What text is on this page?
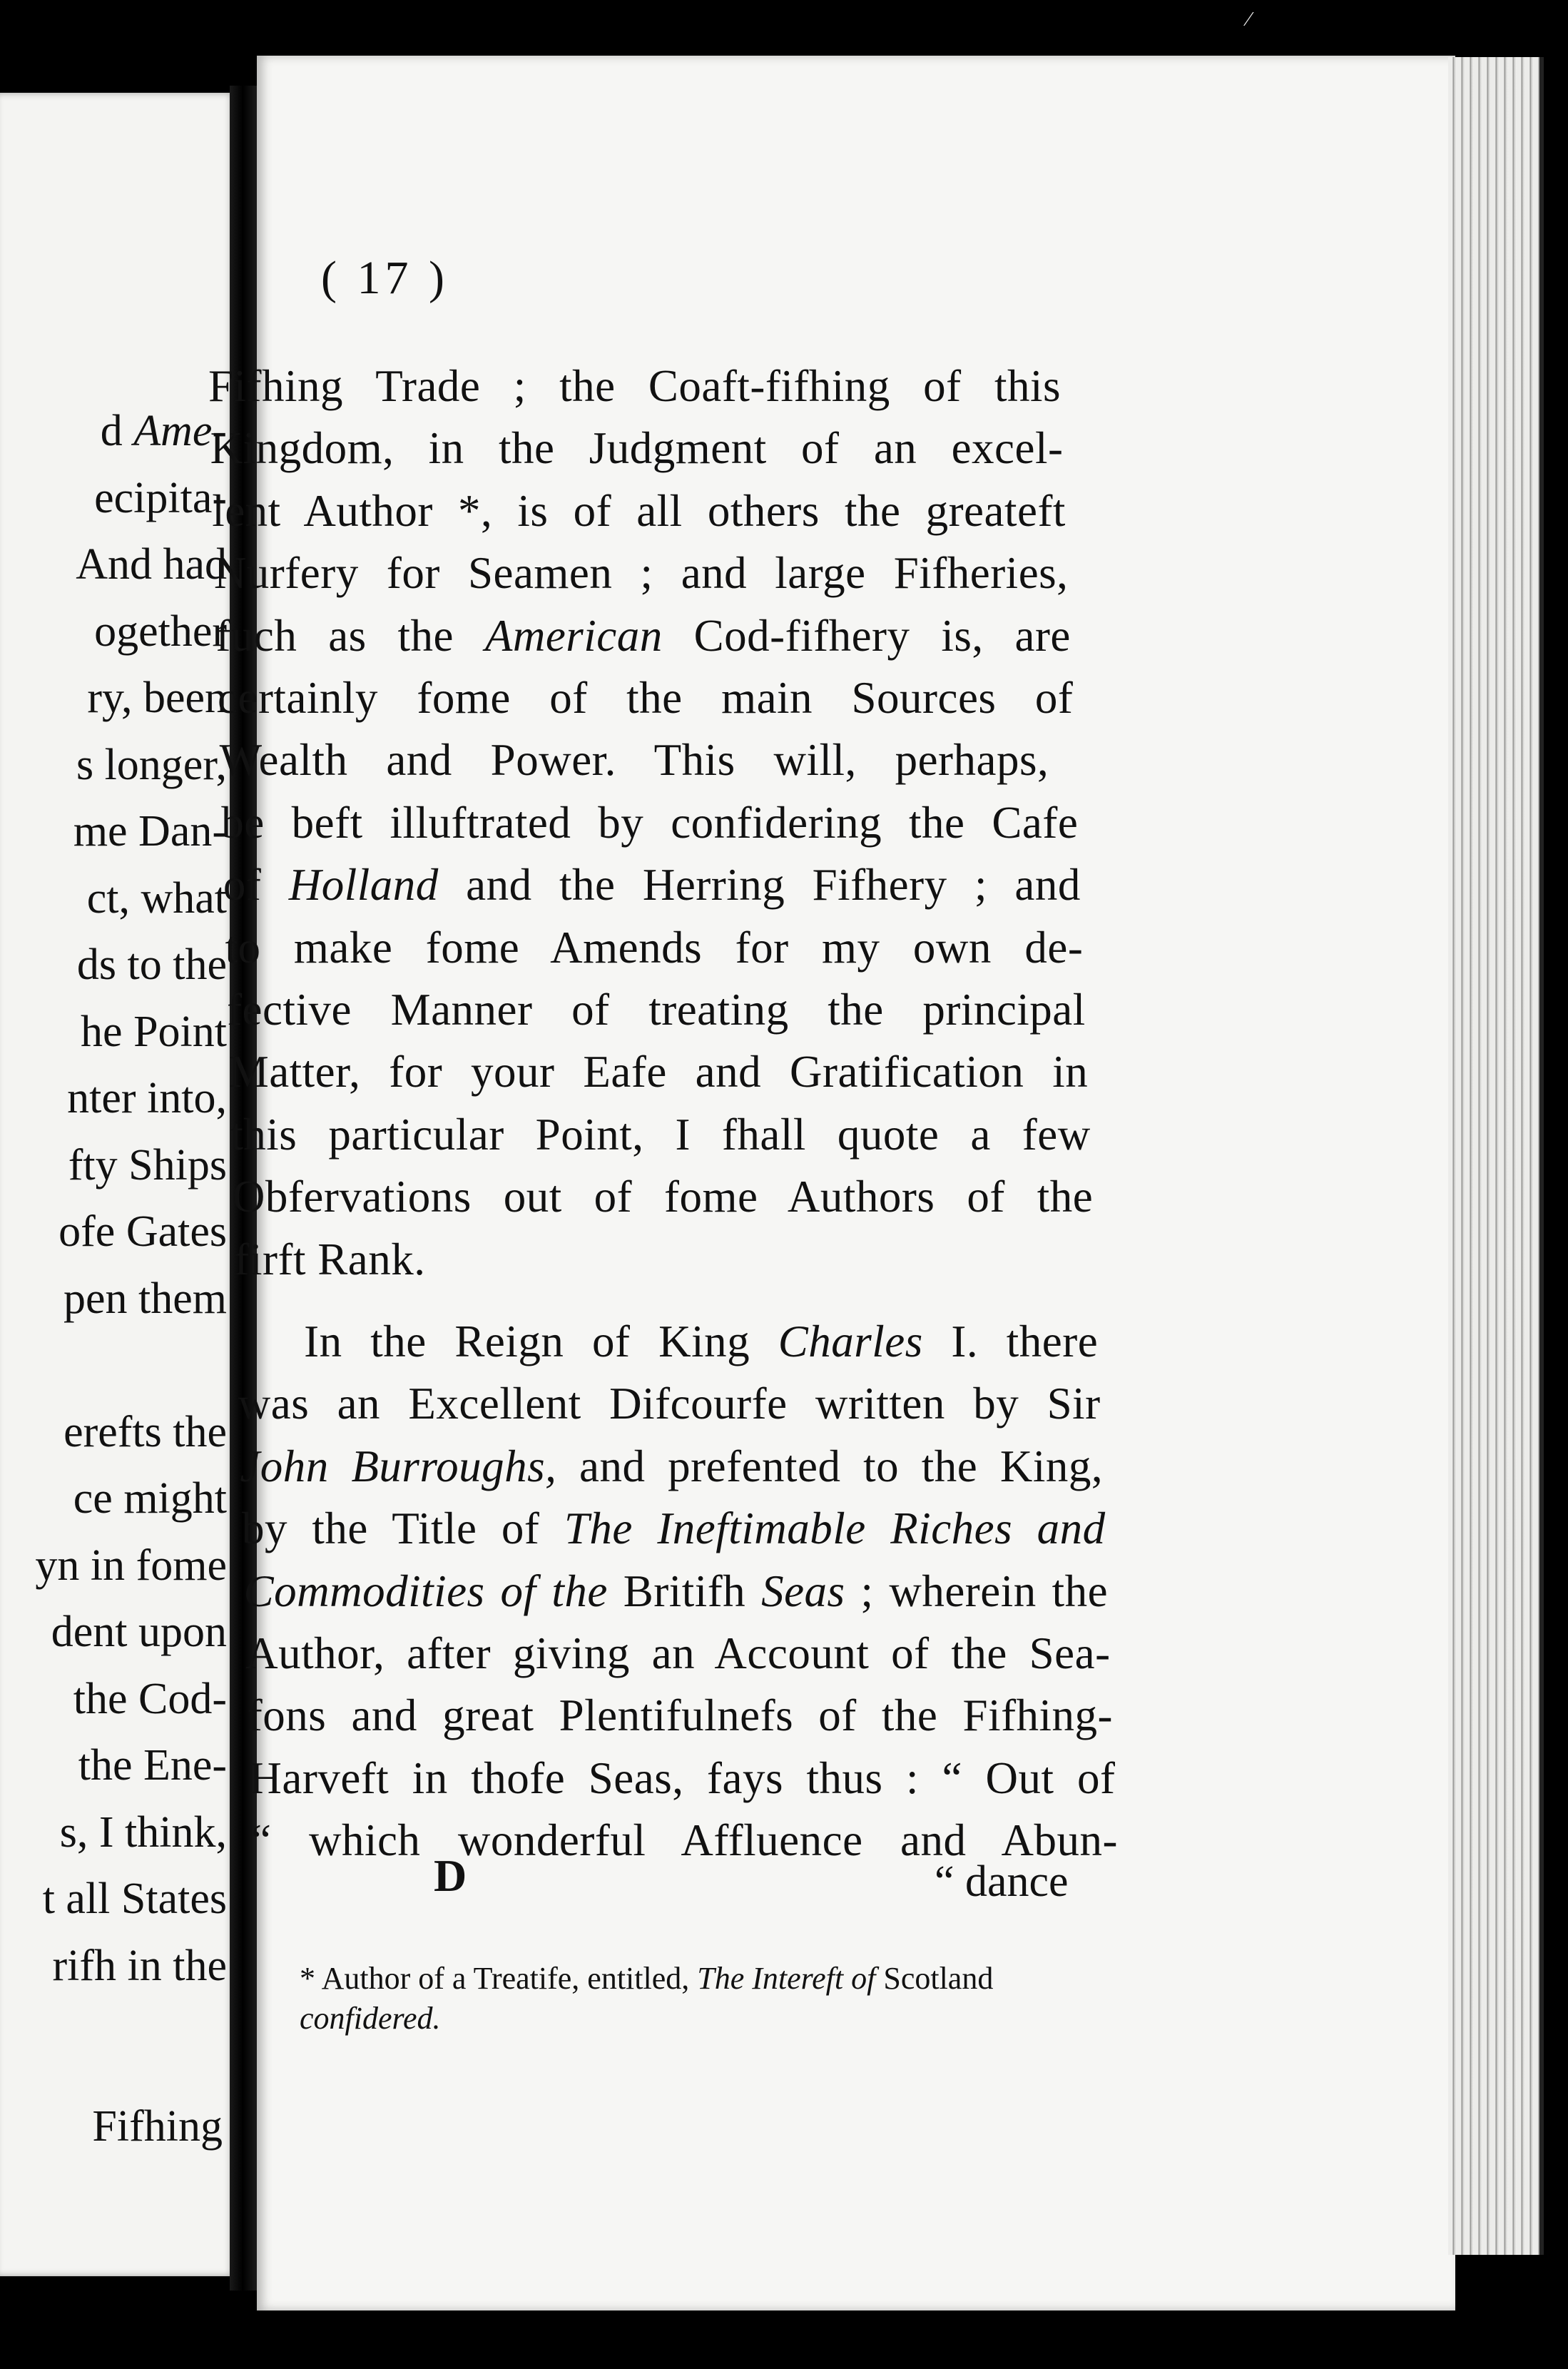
d Ame-
ecipita-
And had
ogether
ry, been
s longer,
me Dan-
ct, what
ds to the
he Point
nter into,
fty Ships
ofe Gates
pen them
erefts the
ce might
yn in fome
dent upon
the Cod-
the Ene-
s, I think,
t all States
rifh in the
Fifhing
( 17 )
Fifhing Trade ; the Coaft-fifhing of this
Kingdom, in the Judgment of an excel-
lent Author *, is of all others the greateft
Nurfery for Seamen ; and large Fifheries,
fuch as the American Cod-fifhery is, are
certainly fome of the main Sources of
Wealth and Power. This will, perhaps,
be beft illuftrated by confidering the Cafe
of Holland and the Herring Fifhery ; and
to make fome Amends for my own de-
fective Manner of treating the principal
Matter, for your Eafe and Gratification in
this particular Point, I fhall quote a few
Obfervations out of fome Authors of the
firft Rank.
In the Reign of King Charles I. there
was an Excellent Difcourfe written by Sir
John Burroughs, and prefented to the King,
by the Title of The Ineftimable Riches and
Commodities of the Britifh Seas ; wherein the
Author, after giving an Account of the Sea-
fons and great Plentifulnefs of the Fifhing-
Harveft in thofe Seas, fays thus : “ Out of
“ which wonderful Affluence and Abun-
D	“ dance
* Author of a Treatife, entitled, The Intereft of Scotland
confidered.
⁄
